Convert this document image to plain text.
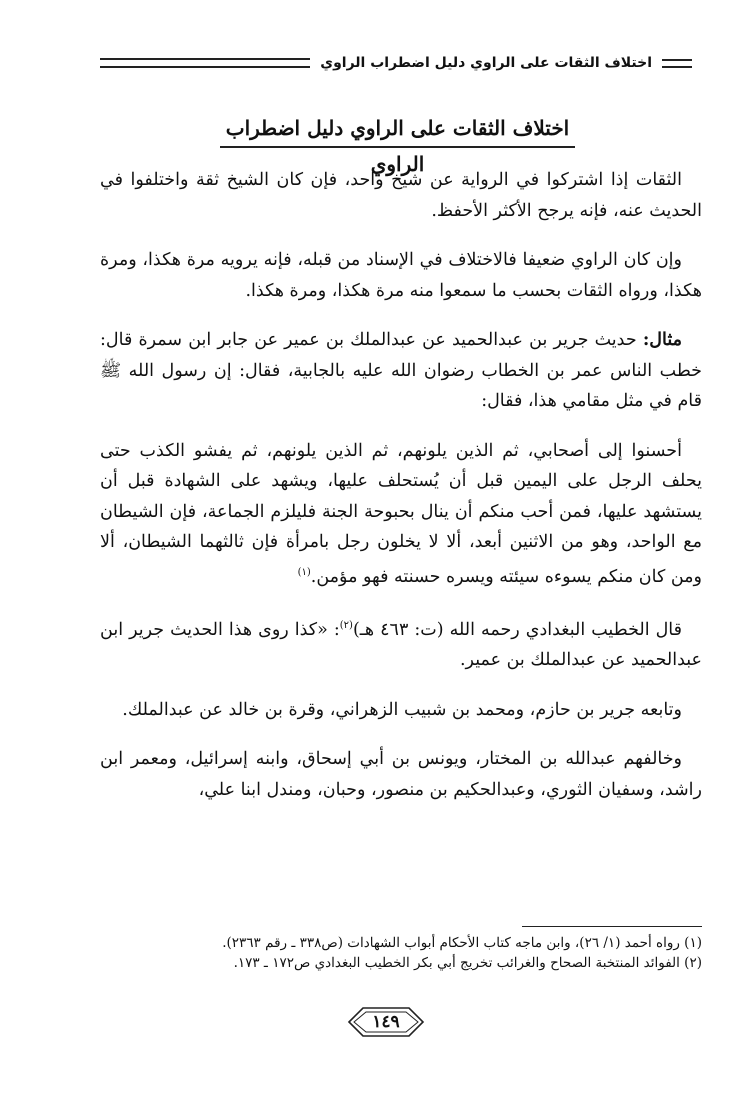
اختلاف الثقات على الراوي دليل اضطراب الراوي
اختلاف الثقات على الراوي دليل اضطراب الراوي

الثقات إذا اشتركوا في الرواية عن شيخ واحد، فإن كان الشيخ ثقة واختلفوا في الحديث عنه، فإنه يرجح الأكثر الأحفظ.

وإن كان الراوي ضعيفا فالاختلاف في الإسناد من قبله، فإنه يرويه مرة هكذا، ومرة هكذا، ورواه الثقات بحسب ما سمعوا منه مرة هكذا، ومرة هكذا.

مثال: حديث جرير بن عبدالحميد عن عبدالملك بن عمير عن جابر ابن سمرة قال: خطب الناس عمر بن الخطاب رضوان الله عليه بالجابية، فقال: إن رسول الله ﷺ قام في مثل مقامي هذا، فقال:

أحسنوا إلى أصحابي، ثم الذين يلونهم، ثم الذين يلونهم، ثم يفشو الكذب حتى يحلف الرجل على اليمين قبل أن يُستحلف عليها، ويشهد على الشهادة قبل أن يستشهد عليها، فمن أحب منكم أن ينال بحبوحة الجنة فليلزم الجماعة، فإن الشيطان مع الواحد، وهو من الاثنين أبعد، ألا لا يخلون رجل بامرأة فإن ثالثهما الشيطان، ألا ومن كان منكم يسوءه سيئته ويسره حسنته فهو مؤمن.$^{(١)}$

قال الخطيب البغدادي رحمه الله (ت: ٤٦٣ هـ)$^{(٢)}$: «كذا روى هذا الحديث جرير ابن عبدالحميد عن عبدالملك بن عمير.

وتابعه جرير بن حازم، ومحمد بن شبيب الزهراني، وقرة بن خالد عن عبدالملك.

وخالفهم عبدالله بن المختار، ويونس بن أبي إسحاق، وابنه إسرائيل، ومعمر ابن راشد، وسفيان الثوري، وعبدالحكيم بن منصور، وحبان، ومندل ابنا علي،

(١) رواه أحمد (١/ ٢٦)، وابن ماجه كتاب الأحكام أبواب الشهادات (ص٣٣٨ ـ رقم ٢٣٦٣).
(٢) الفوائد المنتخبة الصحاح والغرائب تخريج أبي بكر الخطيب البغدادي ص١٧٢ ـ ١٧٣.
١٤٩
